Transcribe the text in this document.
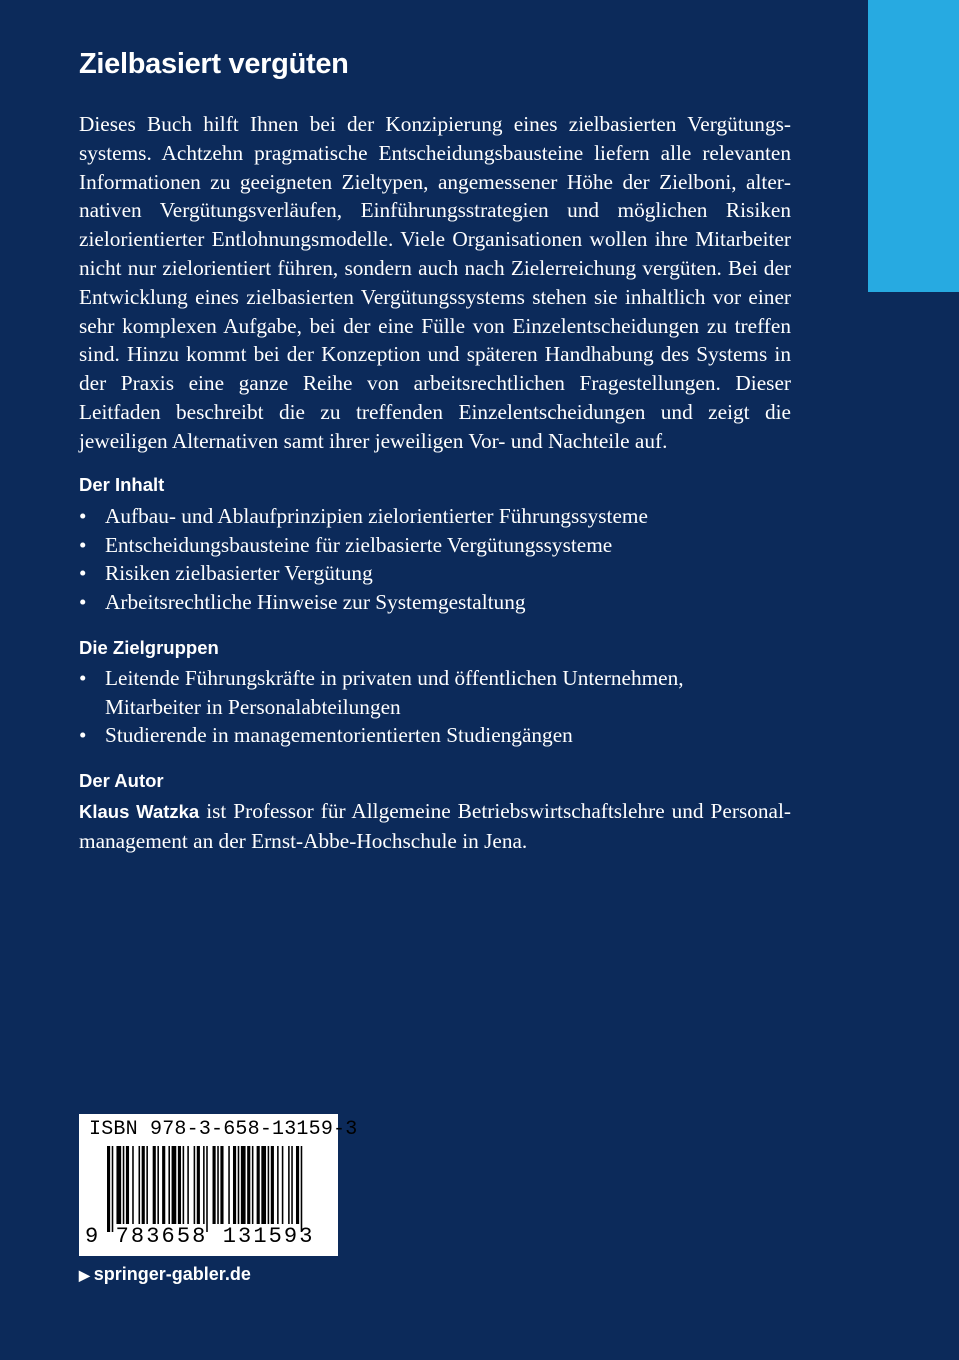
Zielbasiert vergüten

Dieses Buch hilft Ihnen bei der Konzipierung eines zielbasierten Vergütungssystems. Achtzehn pragmatische Entscheidungsbausteine liefern alle relevanten Informationen zu geeigneten Zieltypen, angemessener Höhe der Zielboni, alternativen Vergütungsverläufen, Einführungsstrategien und möglichen Risiken zielorientierter Entlohnungsmodelle. Viele Organisationen wollen ihre Mitarbeiter nicht nur zielorientiert führen, sondern auch nach Zielerreichung vergüten. Bei der Entwicklung eines zielbasierten Vergütungssystems stehen sie inhaltlich vor einer sehr komplexen Aufgabe, bei der eine Fülle von Einzelentscheidungen zu treffen sind. Hinzu kommt bei der Konzeption und späteren Handhabung des Systems in der Praxis eine ganze Reihe von arbeitsrechtlichen Fragestellungen. Dieser Leitfaden beschreibt die zu treffenden Einzelentscheidungen und zeigt die jeweiligen Alternativen samt ihrer jeweiligen Vor- und Nachteile auf.

Der Inhalt
• Aufbau- und Ablaufprinzipien zielorientierter Führungssysteme
• Entscheidungsbausteine für zielbasierte Vergütungssysteme
• Risiken zielbasierter Vergütung
• Arbeitsrechtliche Hinweise zur Systemgestaltung
Die Zielgruppen
• Leitende Führungskräfte in privaten und öffentlichen Unternehmen, Mitarbeiter in Personalabteilungen
• Studierende in managementorientierten Studiengängen
Der Autor

Klaus Watzka ist Professor für Allgemeine Betriebswirtschaftslehre und Personalmanagement an der Ernst-Abbe-Hochschule in Jena.

ISBN 978-3-658-13159-3
9 783658 131593
▶ springer-gabler.de
